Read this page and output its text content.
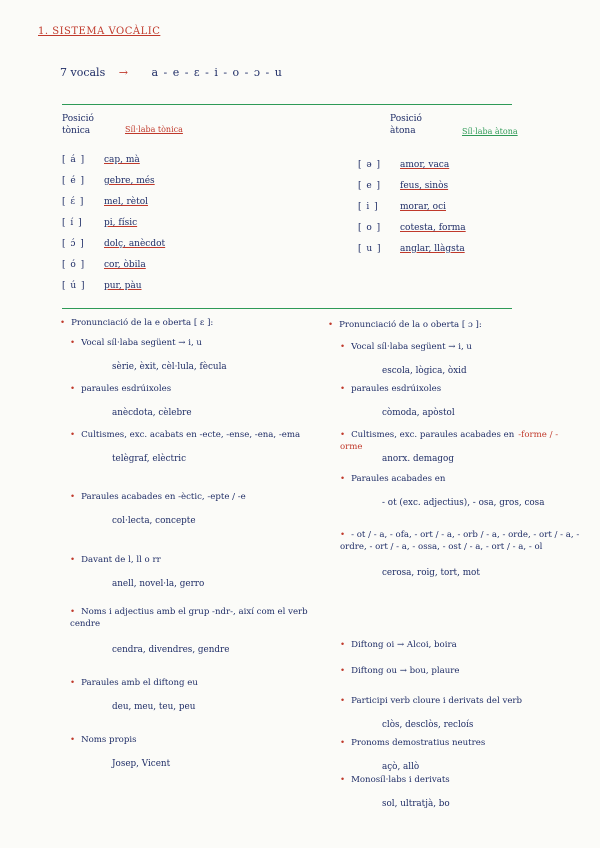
1. SISTEMA VOCÀLIC
7 vocals → a - e - ɛ - i - o - ɔ - u
Posició
tònica	Síl·laba tònica
[ á ] cap, mà
[ é ] gebre, més
[ ɛ́ ] mel, rètol
[ í ] pi, físic
[ ɔ́ ] dolç, anècdot
[ ó ] cor, òbila
[ ú ] pur, pàu
Posició
àtona	Síl·laba àtona
[ ə ] amor, vaca
[ e ] feus, sinòs
[ i ] morar, oci
[ o ] cotesta, forma
[ u ] anglar, llàgsta
• Pronunciació de la e oberta [ ɛ ]:
• Vocal síl·laba següent → i, u
sèrie, èxit, cèl·lula, fècula
• paraules esdrúixoles
anècdota, cèlebre
• Cultismes, exc. acabats en -ecte, -ense, -ena, -ema
telègraf, elèctric
• Paraules acabades en -èctic, -epte / -e
col·lecta, concepte
• Davant de l, ll o rr
anell, novel·la, gerro
• Noms i adjectius amb el grup -ndr-, així com el verb cendre
cendra, divendres, gendre
• Paraules amb el diftong eu
deu, meu, teu, peu
• Noms propis
Josep, Vicent
• Pronunciació de la o oberta [ ɔ ]:
• Vocal síl·laba següent → i, u
escola, lògica, òxid
• paraules esdrúixoles
còmoda, apòstol
• Cultismes, exc. paraules acabades en -forme / -orme
anorx. demagog
• Paraules acabades en
- ot (exc. adjectius), - osa, gros, cosa
• - ot / - a, - ofa, - ort / - a, - orb / - a, - orde, - ort / - a, - ordre, - ort / - a, - ossa, - ost / - a, - ort / - a, - ol
cerosa, roig, tort, mot
• Diftong oi → Alcoi, boira
• Diftong ou → bou, plaure
• Participi verb cloure i derivats del verb
clòs, desclòs, recloís
• Pronoms demostratius neutres
açò, allò
• Monosíl·labs i derivats
sol, ultratjà, bo
